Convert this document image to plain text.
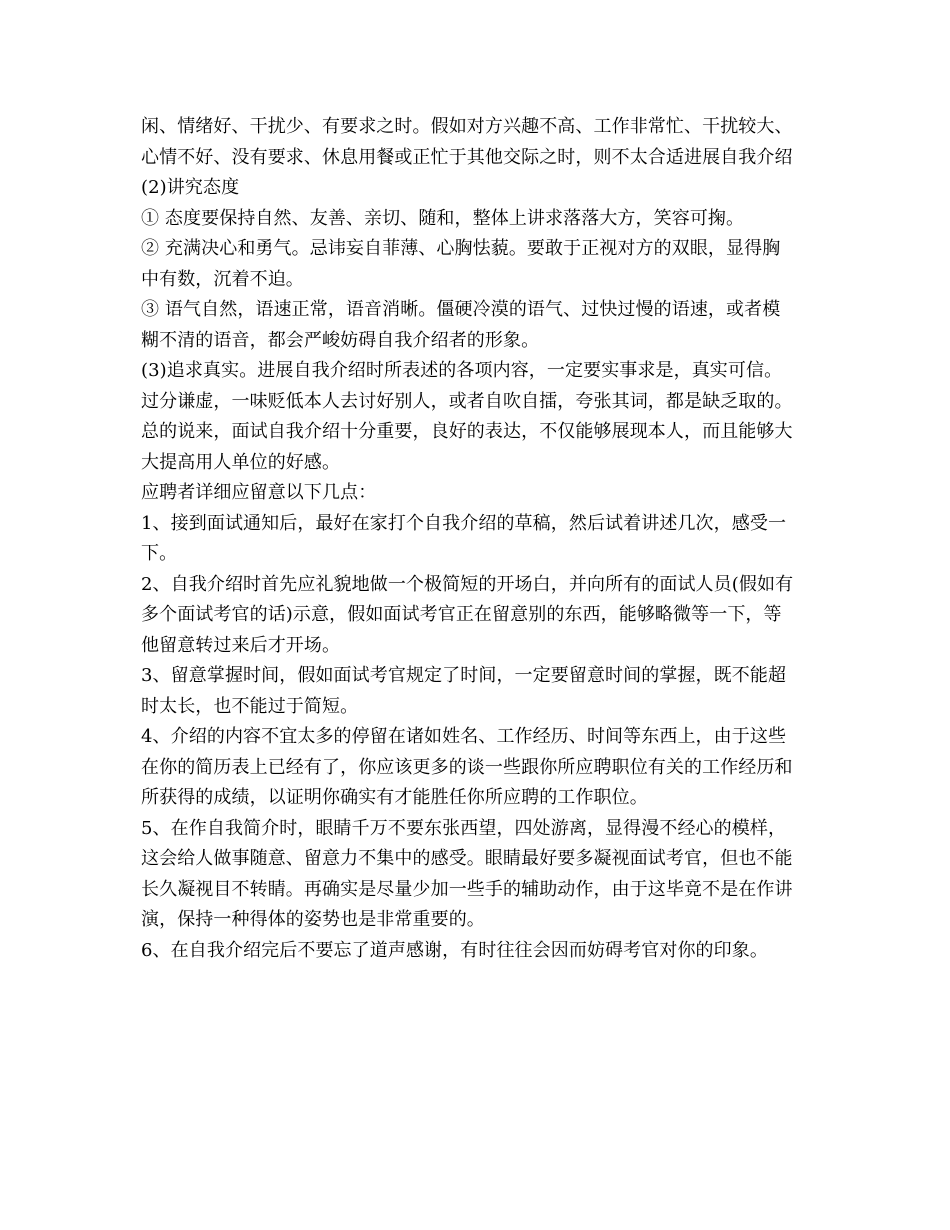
闲、情绪好、干扰少、有要求之时。假如对方兴趣不高、工作非常忙、干扰较大、
心情不好、没有要求、休息用餐或正忙于其他交际之时，则不太合适进展自我介绍
(2)讲究态度
① 态度要保持自然、友善、亲切、随和，整体上讲求落落大方，笑容可掬。
② 充满决心和勇气。忌讳妄自菲薄、心胸怯藐。要敢于正视对方的双眼，显得胸
中有数，沉着不迫。
③ 语气自然，语速正常，语音消晰。僵硬冷漠的语气、过快过慢的语速，或者模
糊不清的语音，都会严峻妨碍自我介绍者的形象。
(3)追求真实。进展自我介绍时所表述的各项内容，一定要实事求是，真实可信。
过分谦虚，一味贬低本人去讨好别人，或者自吹自擂，夸张其词，都是缺乏取的。
总的说来，面试自我介绍十分重要，良好的表达，不仅能够展现本人，而且能够大
大提高用人单位的好感。
应聘者详细应留意以下几点：
1、接到面试通知后，最好在家打个自我介绍的草稿，然后试着讲述几次，感受一
下。
2、自我介绍时首先应礼貌地做一个极简短的开场白，并向所有的面试人员(假如有
多个面试考官的话)示意，假如面试考官正在留意别的东西，能够略微等一下，等
他留意转过来后才开场。
3、留意掌握时间，假如面试考官规定了时间，一定要留意时间的掌握，既不能超
时太长，也不能过于简短。
4、介绍的内容不宜太多的停留在诸如姓名、工作经历、时间等东西上，由于这些
在你的简历表上已经有了，你应该更多的谈一些跟你所应聘职位有关的工作经历和
所获得的成绩，以证明你确实有才能胜任你所应聘的工作职位。
5、在作自我简介时，眼睛千万不要东张西望，四处游离，显得漫不经心的模样，
这会给人做事随意、留意力不集中的感受。眼睛最好要多凝视面试考官，但也不能
长久凝视目不转睛。再确实是尽量少加一些手的辅助动作，由于这毕竟不是在作讲
演，保持一种得体的姿势也是非常重要的。
6、在自我介绍完后不要忘了道声感谢，有时往往会因而妨碍考官对你的印象。
